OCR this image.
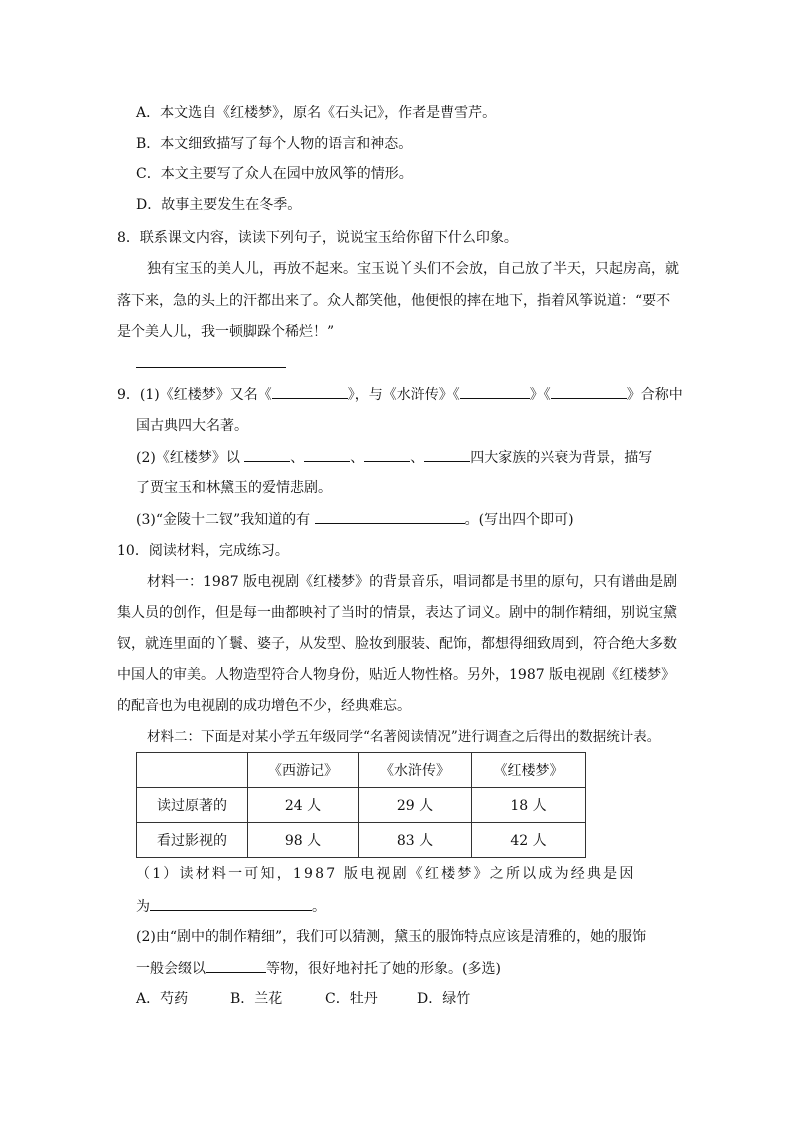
A．本文选自《红楼梦》，原名《石头记》，作者是曹雪芹。
B．本文细致描写了每个人物的语言和神态。
C．本文主要写了众人在园中放风筝的情形。
D．故事主要发生在冬季。
8．联系课文内容，读读下列句子，说说宝玉给你留下什么印象。
独有宝玉的美人儿，再放不起来。宝玉说丫头们不会放，自己放了半天，只起房高，就
落下来，急的头上的汗都出来了。众人都笑他，他便恨的摔在地下，指着风筝说道：“要不
是个美人儿，我一顿脚跺个稀烂！”
9．(1)《红楼梦》又名《	》，与《水浒传》《	》《	》合称中
国古典四大名著。
(2)《红楼梦》以	、	、	、	四大家族的兴衰为背景，描写
了贾宝玉和林黛玉的爱情悲剧。
(3)“金陵十二钗”我知道的有	。(写出四个即可)
10．阅读材料，完成练习。
材料一：1987 版电视剧《红楼梦》的背景音乐，唱词都是书里的原句，只有谱曲是剧
集人员的创作，但是每一曲都映衬了当时的情景，表达了词义。剧中的制作精细，别说宝黛
钗，就连里面的丫鬟、婆子，从发型、脸妆到服装、配饰，都想得细致周到，符合绝大多数
中国人的审美。人物造型符合人物身份，贴近人物性格。另外，1987 版电视剧《红楼梦》
的配音也为电视剧的成功增色不少，经典难忘。
材料二：下面是对某小学五年级同学“名著阅读情况”进行调查之后得出的数据统计表。
	《西游记》	《水浒传》	《红楼梦》
读过原著的	24 人	29 人	18 人
看过影视的	98 人	83 人	42 人
（1）读材料一可知，1987 版电视剧《红楼梦》之所以成为经典是因
为	。
(2)由“剧中的制作精细”，我们可以猜测，黛玉的服饰特点应该是清雅的，她的服饰
一般会缀以	等物，很好地衬托了她的形象。(多选)
A．芍药	B．兰花	C．牡丹	D．绿竹
